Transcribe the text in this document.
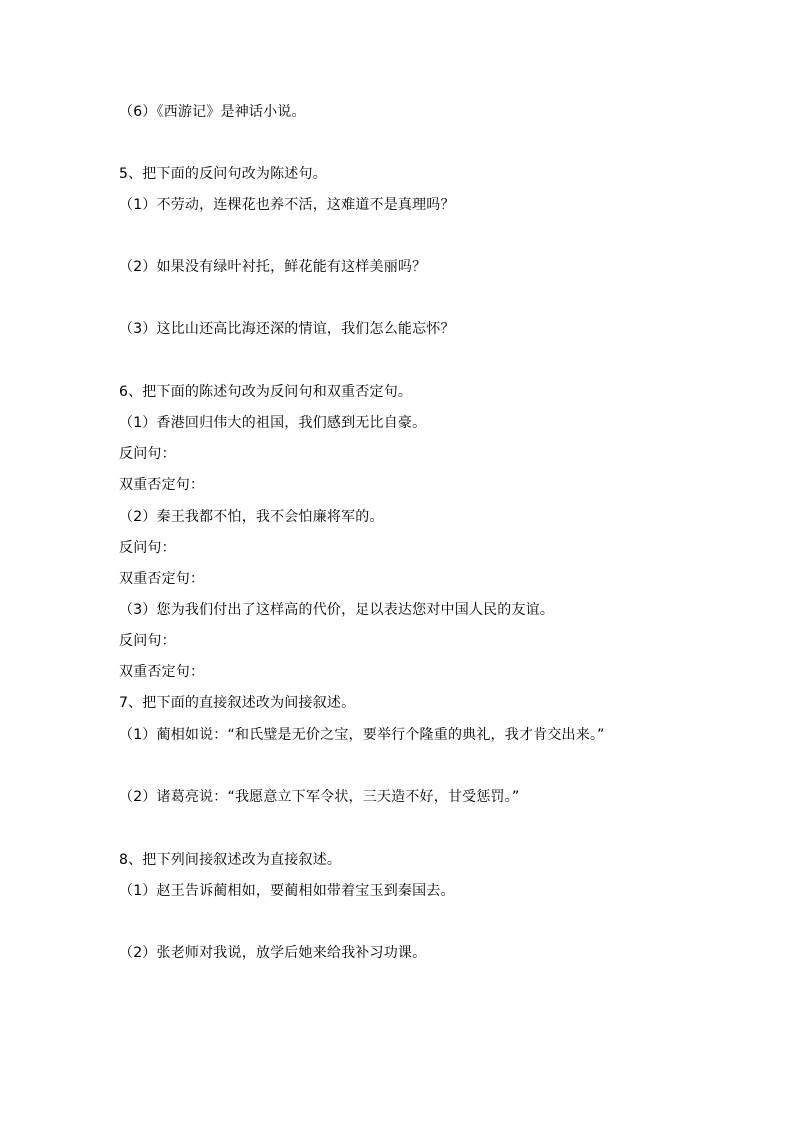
（6）《西游记》是神话小说。
5、把下面的反问句改为陈述句。
（1）不劳动，连棵花也养不活，这难道不是真理吗？
（2）如果没有绿叶衬托，鲜花能有这样美丽吗？
（3）这比山还高比海还深的情谊，我们怎么能忘怀？
6、把下面的陈述句改为反问句和双重否定句。
（1）香港回归伟大的祖国，我们感到无比自豪。
反问句：
双重否定句：
（2）秦王我都不怕，我不会怕廉将军的。
反问句：
双重否定句：
（3）您为我们付出了这样高的代价，足以表达您对中国人民的友谊。
反问句：
双重否定句：
7、把下面的直接叙述改为间接叙述。
（1）蔺相如说：“和氏璧是无价之宝，要举行个隆重的典礼，我才肯交出来。”
（2）诸葛亮说：“我愿意立下军令状，三天造不好，甘受惩罚。”
8、把下列间接叙述改为直接叙述。
（1）赵王告诉蔺相如，要蔺相如带着宝玉到秦国去。
（2）张老师对我说，放学后她来给我补习功课。
